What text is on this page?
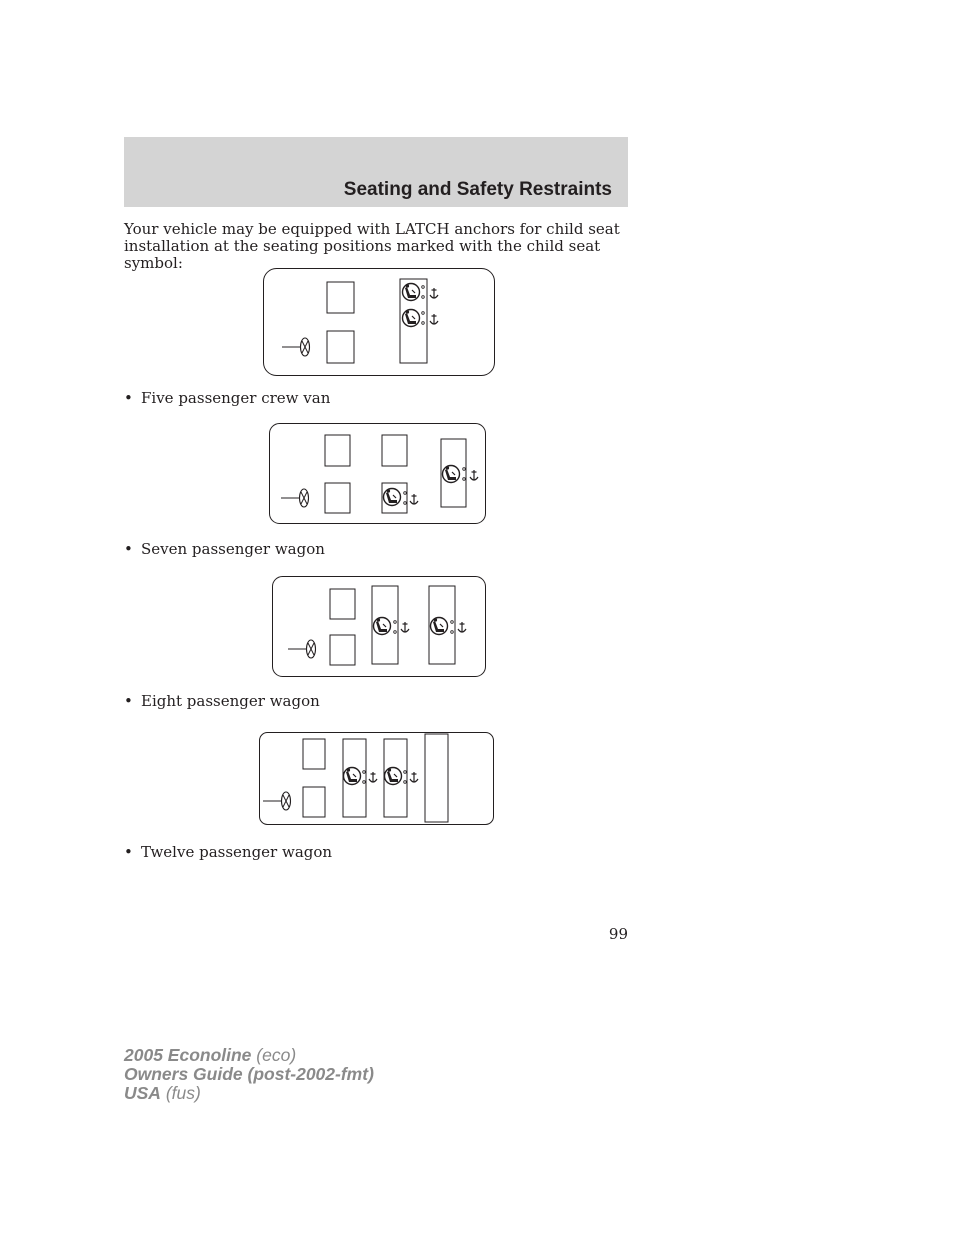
Seating and Safety Restraints

Your vehicle may be equipped with LATCH anchors for child seat installation at the seating positions marked with the child seat symbol:

• Five passenger crew van
• Seven passenger wagon
• Eight passenger wagon
• Twelve passenger wagon
99
2005 Econoline (eco)
Owners Guide (post-2002-fmt)
USA (fus)
